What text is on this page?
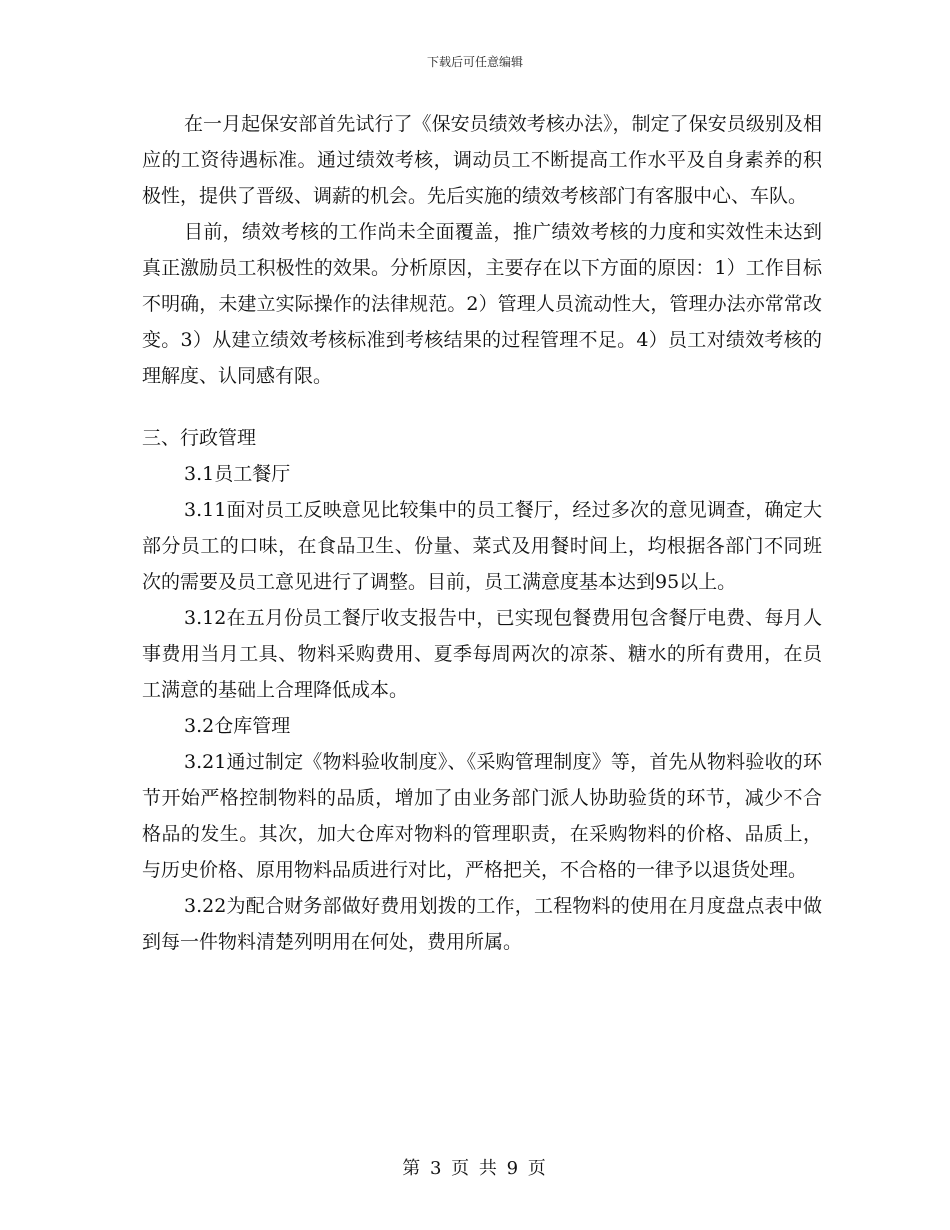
下载后可任意编辑

在一月起保安部首先试行了《保安员绩效考核办法》，制定了保安员级别及相应的工资待遇标准。通过绩效考核，调动员工不断提高工作水平及自身素养的积极性，提供了晋级、调薪的机会。先后实施的绩效考核部门有客服中心、车队。

目前，绩效考核的工作尚未全面覆盖，推广绩效考核的力度和实效性未达到真正激励员工积极性的效果。分析原因，主要存在以下方面的原因：1）工作目标不明确，未建立实际操作的法律规范。2）管理人员流动性大，管理办法亦常常改变。3）从建立绩效考核标准到考核结果的过程管理不足。4）员工对绩效考核的理解度、认同感有限。

三、行政管理

3.1员工餐厅

3.11面对员工反映意见比较集中的员工餐厅，经过多次的意见调查，确定大部分员工的口味，在食品卫生、份量、菜式及用餐时间上，均根据各部门不同班次的需要及员工意见进行了调整。目前，员工满意度基本达到95以上。

3.12在五月份员工餐厅收支报告中，已实现包餐费用包含餐厅电费、每月人事费用当月工具、物料采购费用、夏季每周两次的凉茶、糖水的所有费用，在员工满意的基础上合理降低成本。

3.2仓库管理

3.21通过制定《物料验收制度》、《采购管理制度》等，首先从物料验收的环节开始严格控制物料的品质，增加了由业务部门派人协助验货的环节，减少不合格品的发生。其次，加大仓库对物料的管理职责，在采购物料的价格、品质上，与历史价格、原用物料品质进行对比，严格把关，不合格的一律予以退货处理。

3.22为配合财务部做好费用划拨的工作，工程物料的使用在月度盘点表中做到每一件物料清楚列明用在何处，费用所属。

第 3 页 共 9 页
